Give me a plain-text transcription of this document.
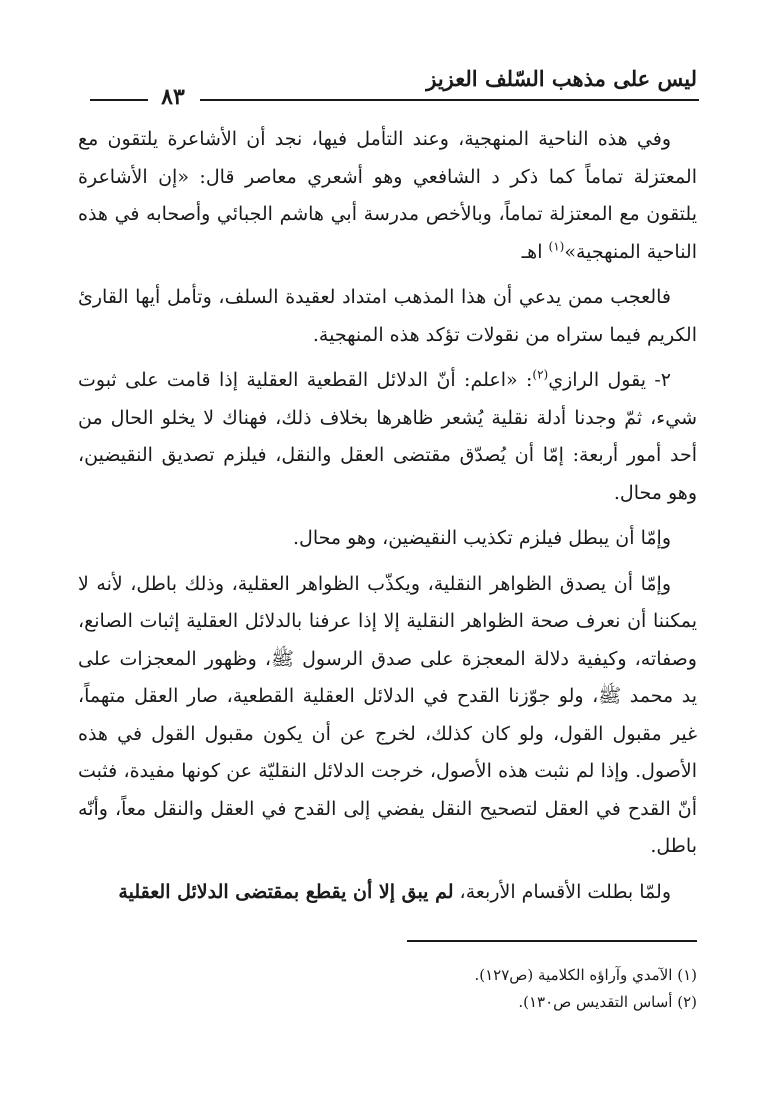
ليس على مذهب السّلف العزيز
٨٣

وفي هذه الناحية المنهجية، وعند التأمل فيها، نجد أن الأشاعرة يلتقون مع المعتزلة تماماً كما ذكر د الشافعي وهو أشعري معاصر قال: «إن الأشاعرة يلتقون مع المعتزلة تماماً، وبالأخص مدرسة أبي هاشم الجبائي وأصحابه في هذه الناحية المنهجية»$^{(١)}$ اهـ

فالعجب ممن يدعي أن هذا المذهب امتداد لعقيدة السلف، وتأمل أيها القارئ الكريم فيما ستراه من نقولات تؤكد هذه المنهجية.

٢- يقول الرازي$^{(٢)}$: «اعلم: أنّ الدلائل القطعية العقلية إذا قامت على ثبوت شيء، ثمّ وجدنا أدلة نقلية يُشعر ظاهرها بخلاف ذلك، فهناك لا يخلو الحال من أحد أمور أربعة: إمّا أن يُصدّق مقتضى العقل والنقل، فيلزم تصديق النقيضين، وهو محال.

وإمّا أن يبطل فيلزم تكذيب النقيضين، وهو محال.

وإمّا أن يصدق الظواهر النقلية، ويكذّب الظواهر العقلية، وذلك باطل، لأنه لا يمكننا أن نعرف صحة الظواهر النقلية إلا إذا عرفنا بالدلائل العقلية إثبات الصانع، وصفاته، وكيفية دلالة المعجزة على صدق الرسول ﷺ، وظهور المعجزات على يد محمد ﷺ، ولو جوّزنا القدح في الدلائل العقلية القطعية، صار العقل متهماً، غير مقبول القول، ولو كان كذلك، لخرج عن أن يكون مقبول القول في هذه الأصول. وإذا لم نثبت هذه الأصول، خرجت الدلائل النقليّة عن كونها مفيدة، فثبت أنّ القدح في العقل لتصحيح النقل يفضي إلى القدح في العقل والنقل معاً، وأنّه باطل.

ولمّا بطلت الأقسام الأربعة، لم يبق إلا أن يقطع بمقتضى الدلائل العقلية

(١) الآمدي وآراؤه الكلامية (ص١٢٧).

(٢) أساس التقديس ص١٣٠).
